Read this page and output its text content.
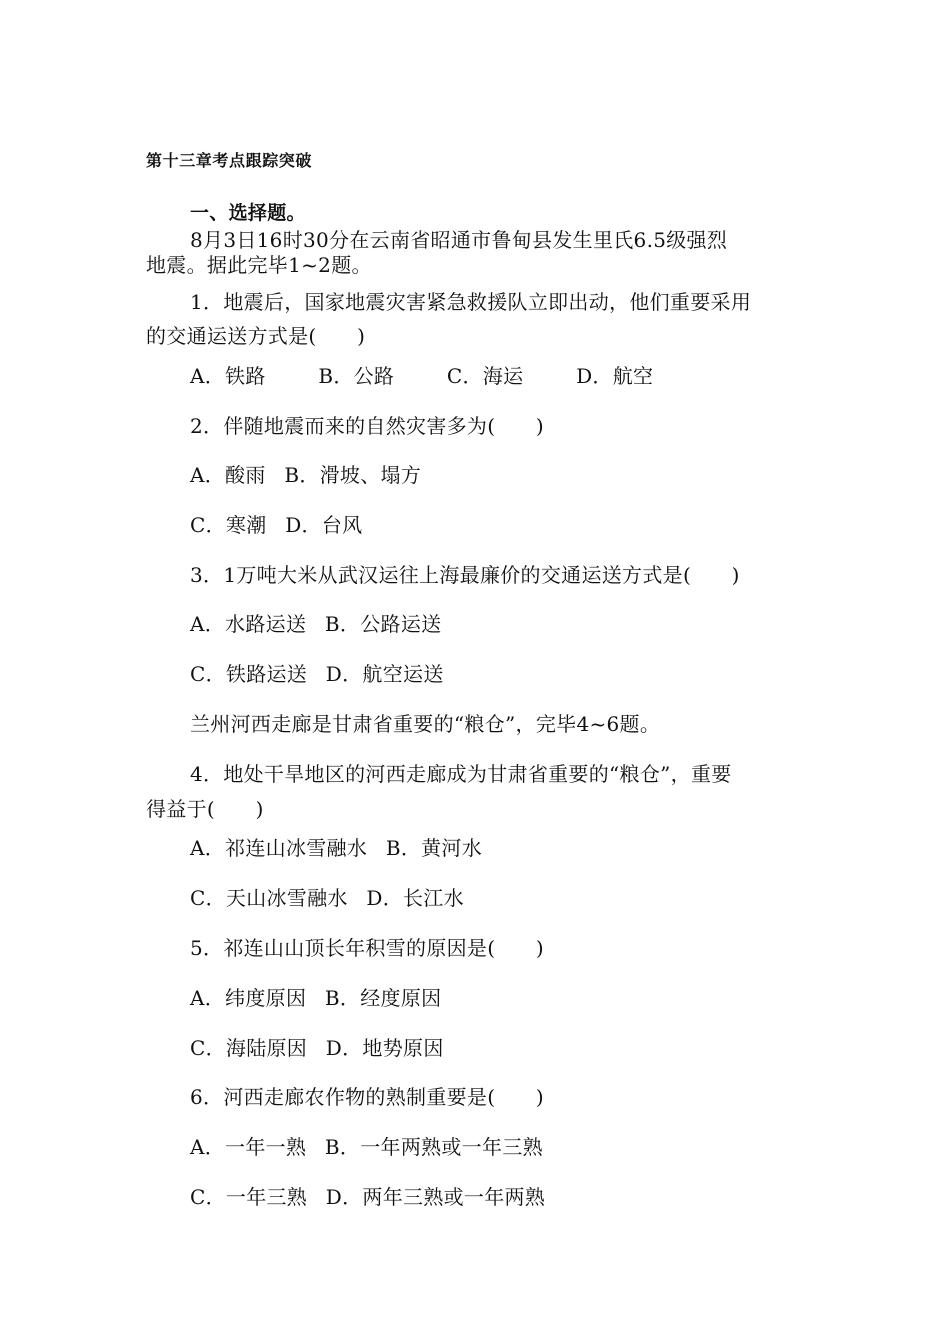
第十三章考点跟踪突破
一、选择题。
8月3日16时30分在云南省昭通市鲁甸县发生里氏6.5级强烈
地震。据此完毕1~2题。
1．地震后，国家地震灾害紧急救援队立即出动，他们重要采用
的交通运送方式是(　　)
A．铁路	B．公路	C．海运	D．航空
2．伴随地震而来的自然灾害多为(　　)
A．酸雨 B．滑坡、塌方
C．寒潮 D．台风
3．1万吨大米从武汉运往上海最廉价的交通运送方式是(　　)
A．水路运送 B．公路运送
C．铁路运送 D．航空运送
兰州河西走廊是甘肃省重要的“粮仓”，完毕4~6题。
4．地处干旱地区的河西走廊成为甘肃省重要的“粮仓”，重要
得益于(　　)
A．祁连山冰雪融水 B．黄河水
C．天山冰雪融水 D．长江水
5．祁连山山顶长年积雪的原因是(　　)
A．纬度原因 B．经度原因
C．海陆原因 D．地势原因
6．河西走廊农作物的熟制重要是(　　)
A．一年一熟 B．一年两熟或一年三熟
C．一年三熟 D．两年三熟或一年两熟
